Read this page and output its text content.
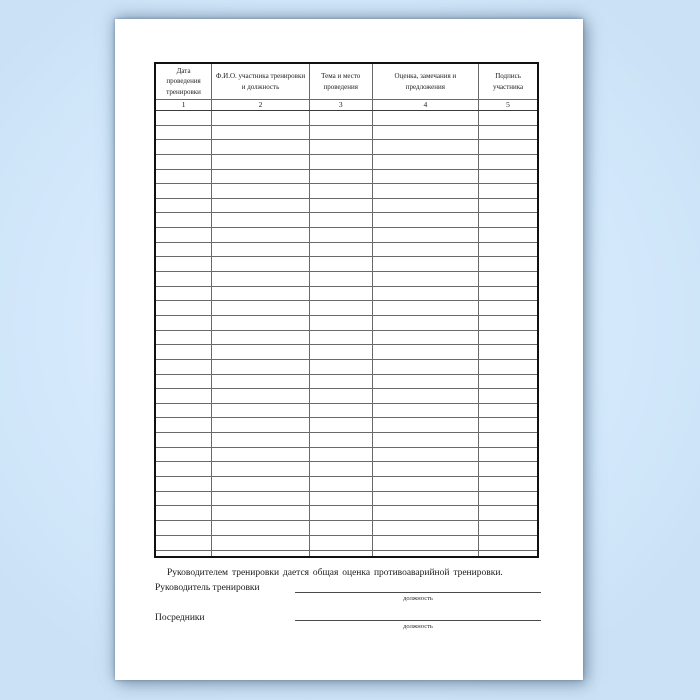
Дата проведения тренировки	Ф.И.О. участника тренировки и должность	Тема и место проведения	Оценка, замечания и предложения	Подпись участника
1	2	3	4	5

Руководителем тренировки дается общая оценка противоаварийной тренировки.
Руководитель тренировки
должность
Посредники
должность
